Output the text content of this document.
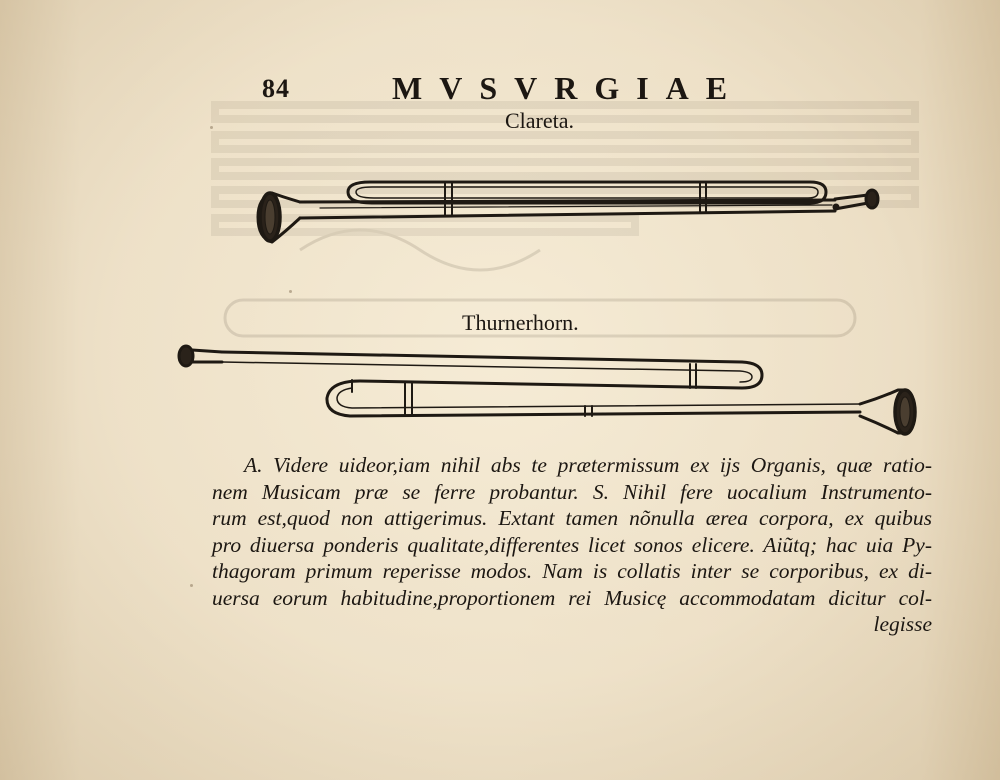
84	MVSVRGIAE
Clareta.
Thurnerhorn.
A. Videre uideor,iam nihil abs te prætermissum ex ijs Organis, quæ ratio-
nem Musicam præ se ferre probantur. S. Nihil fere uocalium Instrumento-
rum est,quod non attigerimus. Extant tamen nõnulla ærea corpora, ex quibus
pro diuersa ponderis qualitate,differentes licet sonos elicere. Aiũtq; hac uia Py-
thagoram primum reperisse modos. Nam is collatis inter se corporibus, ex di-
uersa eorum habitudine,proportionem rei Musicę accommodatam dicitur col-
legisse
